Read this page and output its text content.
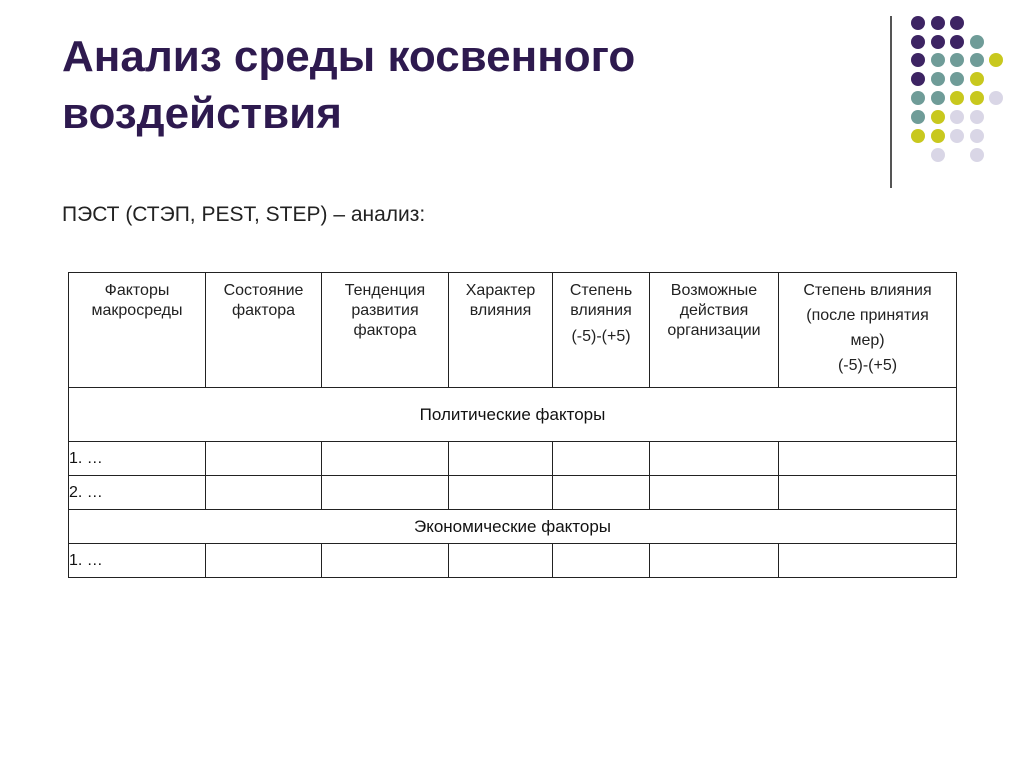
Анализ среды косвенного воздействия
ПЭСТ (СТЭП, PEST, STEP) – анализ:
Факторы
макросреды	Состояние
фактора	Тенденция
развития
фактора	Характер
влияния	Степень
влияния
(-5)-(+5)	Возможные
действия
организации	Степень влияния
(после принятия
мер)
(-5)-(+5)

Политические факторы						
1. …						
2. …						
Экономические факторы						
1. …						
